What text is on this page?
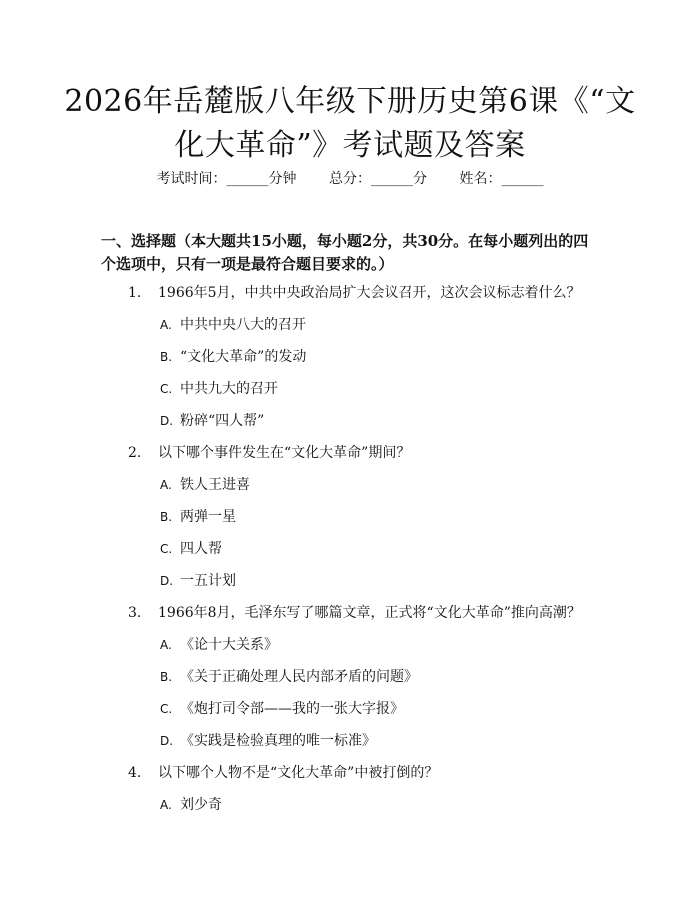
2026年岳麓版八年级下册历史第6课《“文化大革命”》考试题及答案
考试时间：______分钟 总分：______分 姓名：______
一、选择题（本大题共15小题，每小题2分，共30分。在每小题列出的四个选项中，只有一项是最符合题目要求的。）
1. 1966年5月，中共中央政治局扩大会议召开，这次会议标志着什么？
A. 中共中央八大的召开
B. “文化大革命”的发动
C. 中共九大的召开
D. 粉碎“四人帮”
2. 以下哪个事件发生在“文化大革命”期间？
A. 铁人王进喜
B. 两弹一星
C. 四人帮
D. 一五计划
3. 1966年8月，毛泽东写了哪篇文章，正式将“文化大革命”推向高潮？
A. 《论十大关系》
B. 《关于正确处理人民内部矛盾的问题》
C. 《炮打司令部——我的一张大字报》
D. 《实践是检验真理的唯一标准》
4. 以下哪个人物不是“文化大革命”中被打倒的？
A. 刘少奇
